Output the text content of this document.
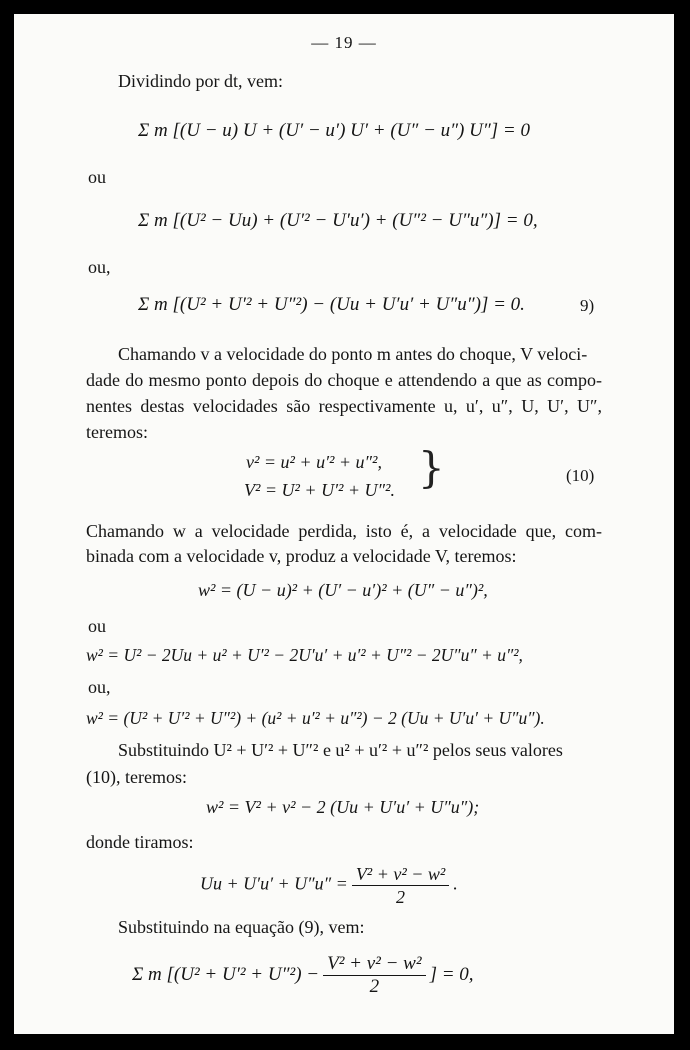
— 19 —
Dividindo por dt, vem:
Σ m [(U − u) U + (U′ − u′) U′ + (U″ − u″) U″] = 0
ou
Σ m [(U² − Uu) + (U′² − U′u′) + (U″² − U″u″)] = 0,
ou,
Σ m [(U² + U′² + U″²) − (Uu + U′u′ + U″u″)] = 0.	9)
Chamando v a velocidade do ponto m antes do choque, V veloci-
dade do mesmo ponto depois do choque e attendendo a que as compo-
nentes destas velocidades são respectivamente u, u′, u″, U, U′, U″,
teremos:
v² = u² + u′² + u″²,
V² = U² + U′² + U″². }	(10)
Chamando w a velocidade perdida, isto é, a velocidade que, com-
binada com a velocidade v, produz a velocidade V, teremos:
w² = (U − u)² + (U′ − u′)² + (U″ − u″)²,
ou
w² = U² − 2Uu + u² + U′² − 2U′u′ + u′² + U″² − 2U″u″ + u″²,
ou,
w² = (U² + U′² + U″²) + (u² + u′² + u″²) − 2 (Uu + U′u′ + U″u″).
Substituindo U² + U′² + U″² e u² + u′² + u″² pelos seus valores
(10), teremos:
w² = V² + v² − 2 (Uu + U′u′ + U″u″);
donde tiramos:
$Uu + U'u' + U''u'' = \frac{\text{V² + v² − w²}}{2}$ .
Substituindo na equação (9), vem:
Σ m [$(U^2 + U'^2 + U''^2) - \frac{\text{V² + v² − w²}}{2}$ ] = 0,
